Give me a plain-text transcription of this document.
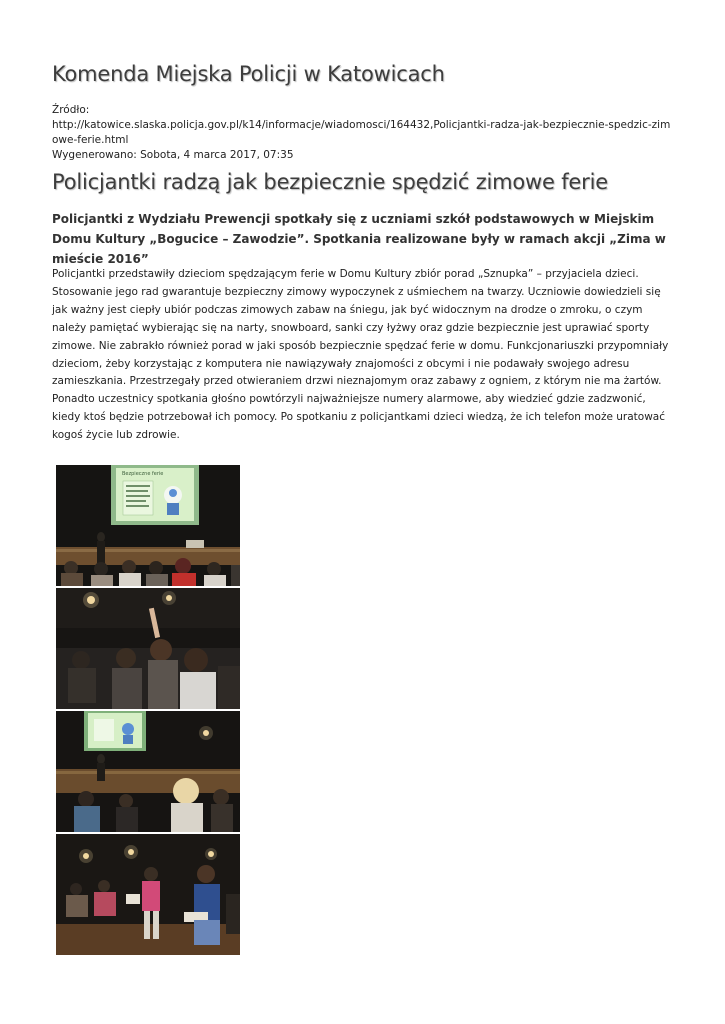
Komenda Miejska Policji w Katowicach
Źródło:
http://katowice.slaska.policja.gov.pl/k14/informacje/wiadomosci/164432,Policjantki-radza-jak-bezpiecznie-spedzic-zimowe-ferie.html
Wygenerowano: Sobota, 4 marca 2017, 07:35
Policjantki radzą jak bezpiecznie spędzić zimowe ferie
Policjantki z Wydziału Prewencji spotkały się z uczniami szkół podstawowych w Miejskim Domu Kultury „Bogucice – Zawodzie”. Spotkania realizowane były w ramach akcji „Zima w mieście 2016”
Policjantki przedstawiły dzieciom spędzającym ferie w Domu Kultury zbiór porad „Sznupka” – przyjaciela dzieci. Stosowanie jego rad gwarantuje bezpieczny zimowy wypoczynek z uśmiechem na twarzy. Uczniowie dowiedzieli się jak ważny jest ciepły ubiór podczas zimowych zabaw na śniegu, jak być widocznym na drodze o zmroku, o czym należy pamiętać wybierając się na narty, snowboard, sanki czy łyżwy oraz gdzie bezpiecznie jest uprawiać sporty zimowe. Nie zabrakło również porad w jaki sposób bezpiecznie spędzać ferie w domu. Funkcjonariuszki przypomniały dzieciom, żeby korzystając z komputera nie nawiązywały znajomości z obcymi i nie podawały swojego adresu zamieszkania. Przestrzegały przed otwieraniem drzwi nieznajomym oraz zabawy z ogniem, z którym nie ma żartów. Ponadto uczestnicy spotkania głośno powtórzyli najważniejsze numery alarmowe, aby wiedzieć gdzie zadzwonić, kiedy ktoś będzie potrzebował ich pomocy. Po spotkaniu z policjantkami dzieci wiedzą, że ich telefon może uratować kogoś życie lub zdrowie.
Bezpieczne ferie
